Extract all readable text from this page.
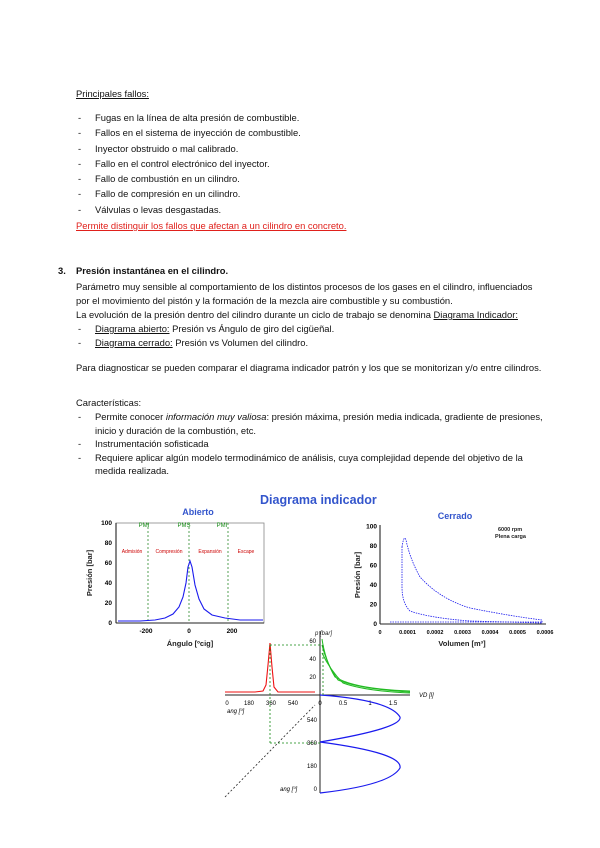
Principales fallos:
- Fugas en la línea de alta presión de combustible.
- Fallos en el sistema de inyección de combustible.
- Inyector obstruido o mal calibrado.
- Fallo en el control electrónico del inyector.
- Fallo de combustión en un cilindro.
- Fallo de compresión en un cilindro.
- Válvulas o levas desgastadas.
Permite distinguir los fallos que afectan a un cilindro en concreto.
3. Presión instantánea en el cilindro.
Parámetro muy sensible al comportamiento de los distintos procesos de los gases en el cilindro, influenciados por el movimiento del pistón y la formación de la mezcla aire combustible y su combustión.
La evolución de la presión dentro del cilindro durante un ciclo de trabajo se denomina Diagrama Indicador:
- Diagrama abierto: Presión vs Ángulo de giro del cigüeñal.
- Diagrama cerrado: Presión vs Volumen del cilindro.
Para diagnosticar se pueden comparar el diagrama indicador patrón y los que se monitorizan y/o entre cilindros.
Características:
- Permite conocer información muy valiosa: presión máxima, presión media indicada, gradiente de presiones, inicio y duración de la combustión, etc.
- Instrumentación sofisticada
- Requiere aplicar algún modelo termodinámico de análisis, cuya complejidad depende del objetivo de la medida realizada.
Diagrama indicador
Abierto
0
20
40
60
80
100
-200	0	200
PMI	PMS	PMI
Admisión	Compresión	Expansión	Escape
Presión [bar]
Ángulo [ºcig]
Cerrado
0
20
40
60
80
100
0	0.0001 0.0002 0.0003 0.0004 0.0005 0.0006
6000 rpm
Plena carga
Presión [bar]
Volumen [m³]
p [bar]
60
40
20
0	0.5	1	1.5
VD [l]
0	180 360 540
ang [º]
540
360
180
0
ang [º]
